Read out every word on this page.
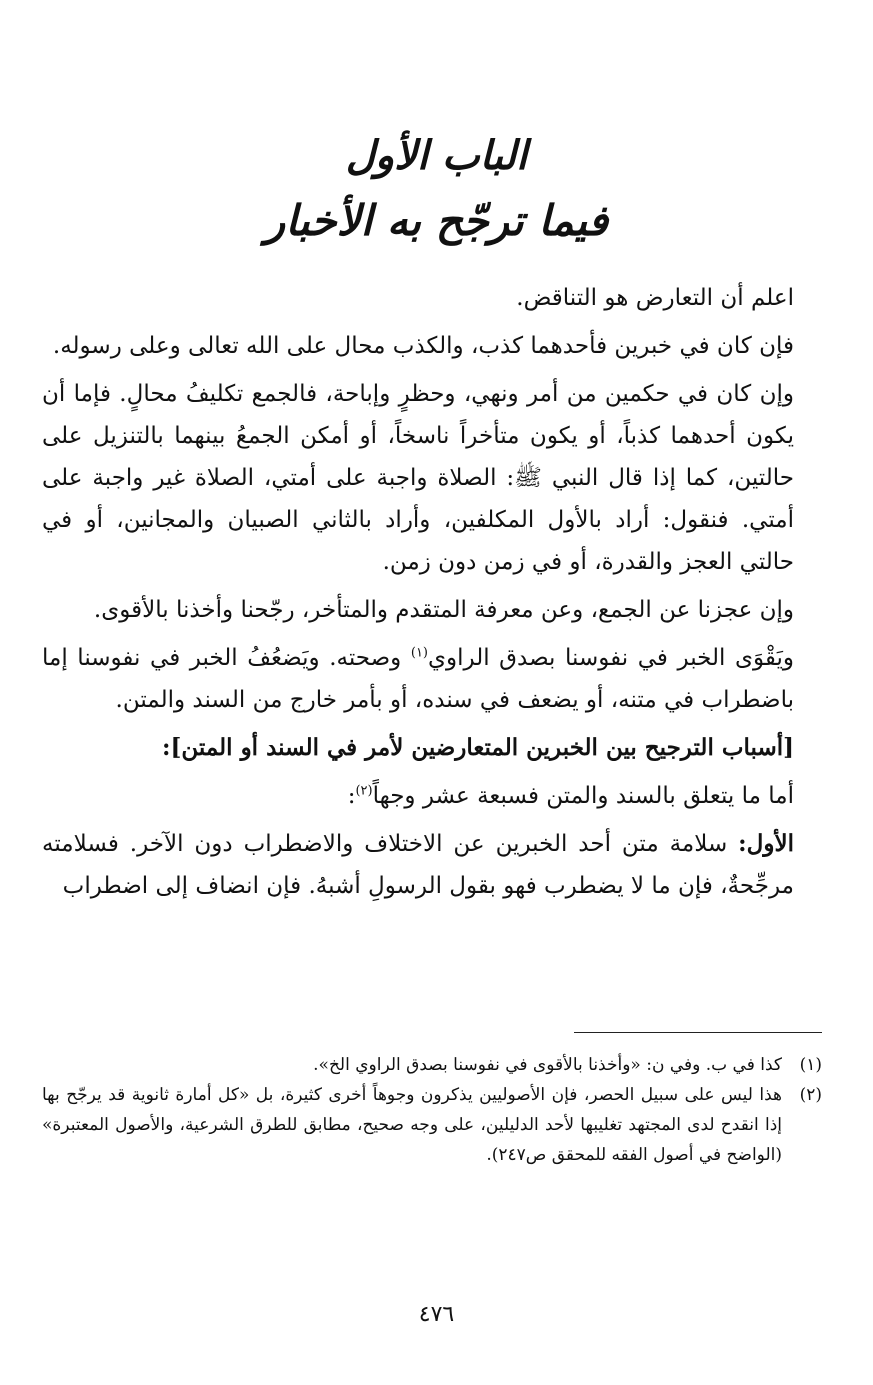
الباب الأول
فيما ترجّح به الأخبار

اعلم أن التعارض هو التناقض.

فإن كان في خبرين فأحدهما كذب، والكذب محال على الله تعالى وعلى رسوله.

وإن كان في حكمين من أمر ونهي، وحظرٍ وإباحة، فالجمع تكليفُ محالٍ. فإما أن يكون أحدهما كذباً، أو يكون متأخراً ناسخاً، أو أمكن الجمعُ بينهما بالتنزيل على حالتين، كما إذا قال النبي ﷺ: الصلاة واجبة على أمتي، الصلاة غير واجبة على أمتي. فنقول: أراد بالأول المكلفين، وأراد بالثاني الصبيان والمجانين، أو في حالتي العجز والقدرة، أو في زمن دون زمن.

وإن عجزنا عن الجمع، وعن معرفة المتقدم والمتأخر، رجّحنا وأخذنا بالأقوى.

ويَقْوَى الخبر في نفوسنا بصدق الراوي$^{(١)}$ وصحته. ويَضعُفُ الخبر في نفوسنا إما باضطراب في متنه، أو يضعف في سنده، أو بأمر خارج من السند والمتن.

[أسباب الترجيح بين الخبرين المتعارضين لأمر في السند أو المتن]:

أما ما يتعلق بالسند والمتن فسبعة عشر وجهاً$^{(٢)}$:

الأول: سلامة متن أحد الخبرين عن الاختلاف والاضطراب دون الآخر. فسلامته مرجِّحةٌ، فإن ما لا يضطرب فهو بقول الرسولِ أشبهُ. فإن انضاف إلى اضطراب

(١)
كذا في ب. وفي ن: «وأخذنا بالأقوى في نفوسنا بصدق الراوي الخ».
(٢)
هذا ليس على سبيل الحصر، فإن الأصوليين يذكرون وجوهاً أخرى كثيرة، بل «كل أمارة ثانوية قد يرجّح بها إذا انقدح لدى المجتهد تغليبها لأحد الدليلين، على وجه صحيح، مطابق للطرق الشرعية، والأصول المعتبرة» (الواضح في أصول الفقه للمحقق ص٢٤٧).
٤٧٦
